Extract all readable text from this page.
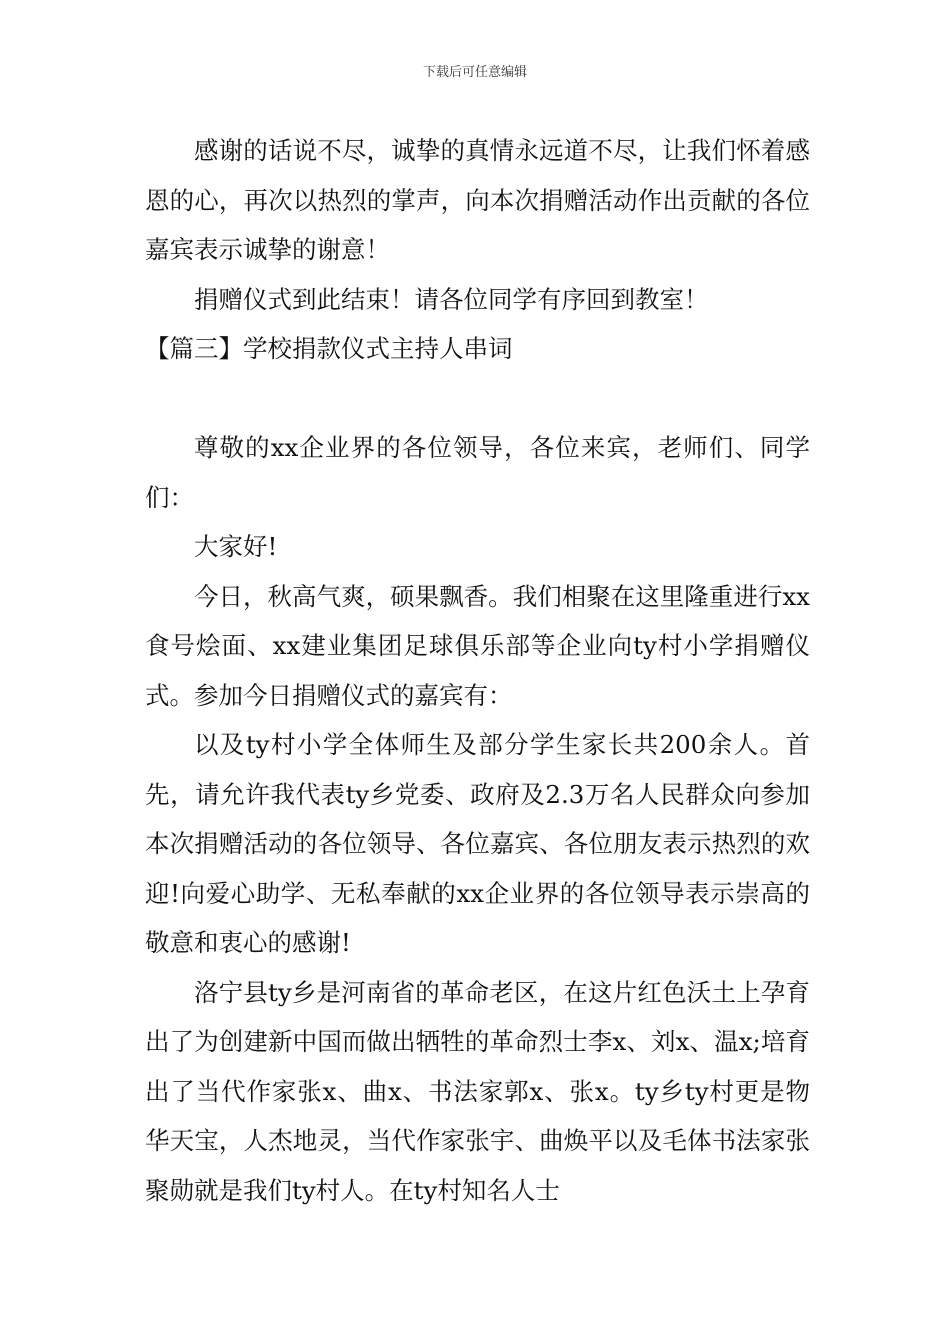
下载后可任意编辑

感谢的话说不尽，诚挚的真情永远道不尽，让我们怀着感恩的心，再次以热烈的掌声，向本次捐赠活动作出贡献的各位嘉宾表示诚挚的谢意！

捐赠仪式到此结束！请各位同学有序回到教室！

【篇三】学校捐款仪式主持人串词

尊敬的xx企业界的各位领导，各位来宾，老师们、同学们：

大家好!

今日，秋高气爽，硕果飘香。我们相聚在这里隆重进行xx食号烩面、xx建业集团足球俱乐部等企业向ty村小学捐赠仪式。参加今日捐赠仪式的嘉宾有：

以及ty村小学全体师生及部分学生家长共200余人。首先，请允许我代表ty乡党委、政府及2.3万名人民群众向参加本次捐赠活动的各位领导、各位嘉宾、各位朋友表示热烈的欢迎!向爱心助学、无私奉献的xx企业界的各位领导表示崇高的敬意和衷心的感谢!

洛宁县ty乡是河南省的革命老区，在这片红色沃土上孕育出了为创建新中国而做出牺牲的革命烈士李x、刘x、温x;培育出了当代作家张x、曲x、书法家郭x、张x。ty乡ty村更是物华天宝，人杰地灵，当代作家张宇、曲焕平以及毛体书法家张聚勋就是我们ty村人。在ty村知名人士
